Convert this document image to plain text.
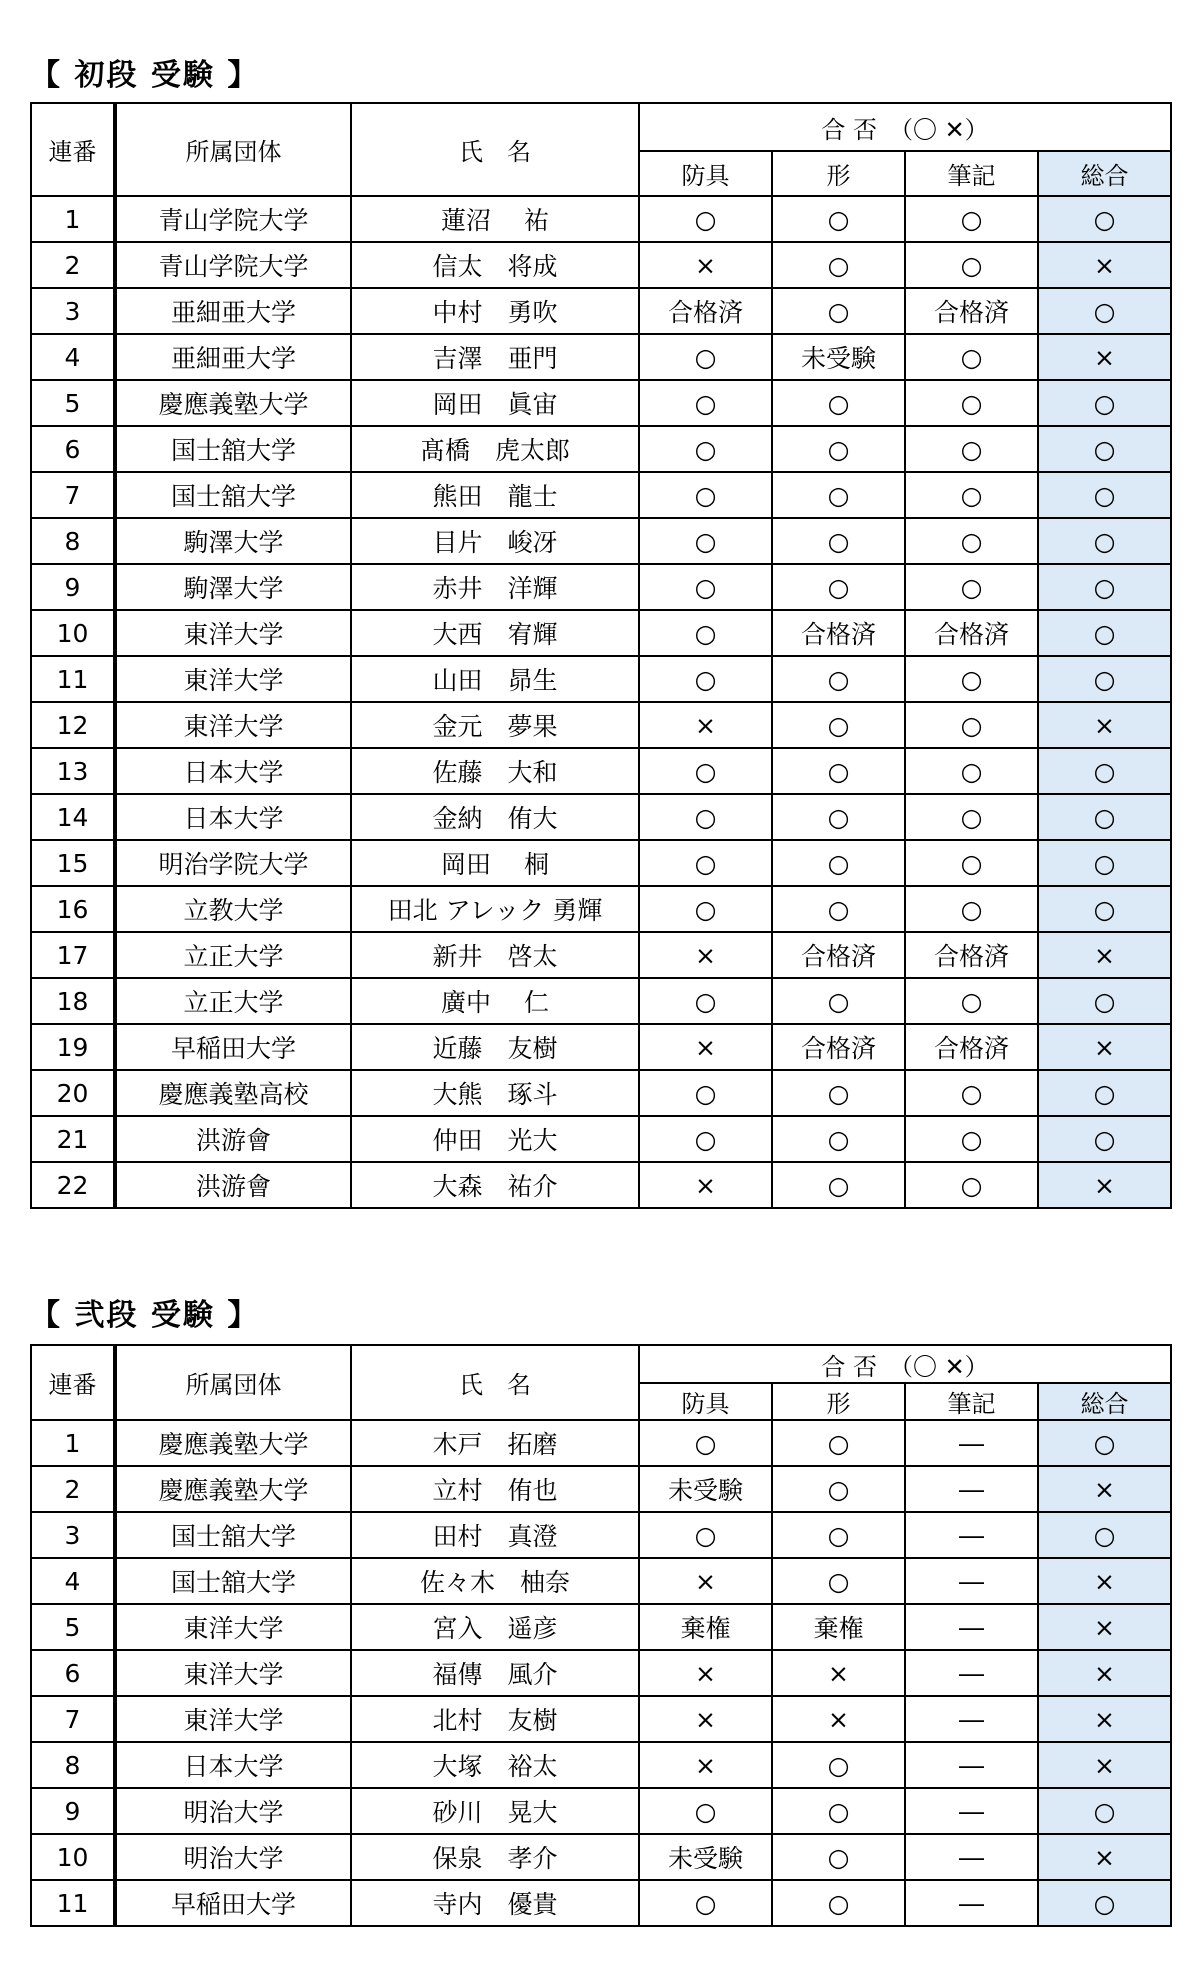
【 初段 受験 】
連番	所属団体	氏　名	合 否　（〇 ✕）			
			防具	形	筆記	総合
1	青山学院大学	蓮沼　 祐	○	○	○	○
2	青山学院大学	信太　将成	×	○	○	×
3	亜細亜大学	中村　勇吹	合格済	○	合格済	○
4	亜細亜大学	吉澤　亜門	○	未受験	○	×
5	慶應義塾大学	岡田　眞宙	○	○	○	○
6	国士舘大学	髙橋　虎太郎	○	○	○	○
7	国士舘大学	熊田　龍士	○	○	○	○
8	駒澤大学	目片　峻冴	○	○	○	○
9	駒澤大学	赤井　洋輝	○	○	○	○
10	東洋大学	大西　宥輝	○	合格済	合格済	○
11	東洋大学	山田　昴生	○	○	○	○
12	東洋大学	金元　夢果	×	○	○	×
13	日本大学	佐藤　大和	○	○	○	○
14	日本大学	金納　侑大	○	○	○	○
15	明治学院大学	岡田　 桐	○	○	○	○
16	立教大学	田北 アレック 勇輝	○	○	○	○
17	立正大学	新井　啓太	×	合格済	合格済	×
18	立正大学	廣中　 仁	○	○	○	○
19	早稲田大学	近藤　友樹	×	合格済	合格済	×
20	慶應義塾高校	大熊　琢斗	○	○	○	○
21	洪游會	仲田　光大	○	○	○	○
22	洪游會	大森　祐介	×	○	○	×
【 弐段 受験 】
連番	所属団体	氏　名	合 否　（〇 ✕）			
			防具	形	筆記	総合
1	慶應義塾大学	木戸　拓磨	○	○	―	○
2	慶應義塾大学	立村　侑也	未受験	○	―	×
3	国士舘大学	田村　真澄	○	○	―	○
4	国士舘大学	佐々木　柚奈	×	○	―	×
5	東洋大学	宮入　遥彦	棄権	棄権	―	×
6	東洋大学	福傳　風介	×	×	―	×
7	東洋大学	北村　友樹	×	×	―	×
8	日本大学	大塚　裕太	×	○	―	×
9	明治大学	砂川　晃大	○	○	―	○
10	明治大学	保泉　孝介	未受験	○	―	×
11	早稲田大学	寺内　優貴	○	○	―	○
